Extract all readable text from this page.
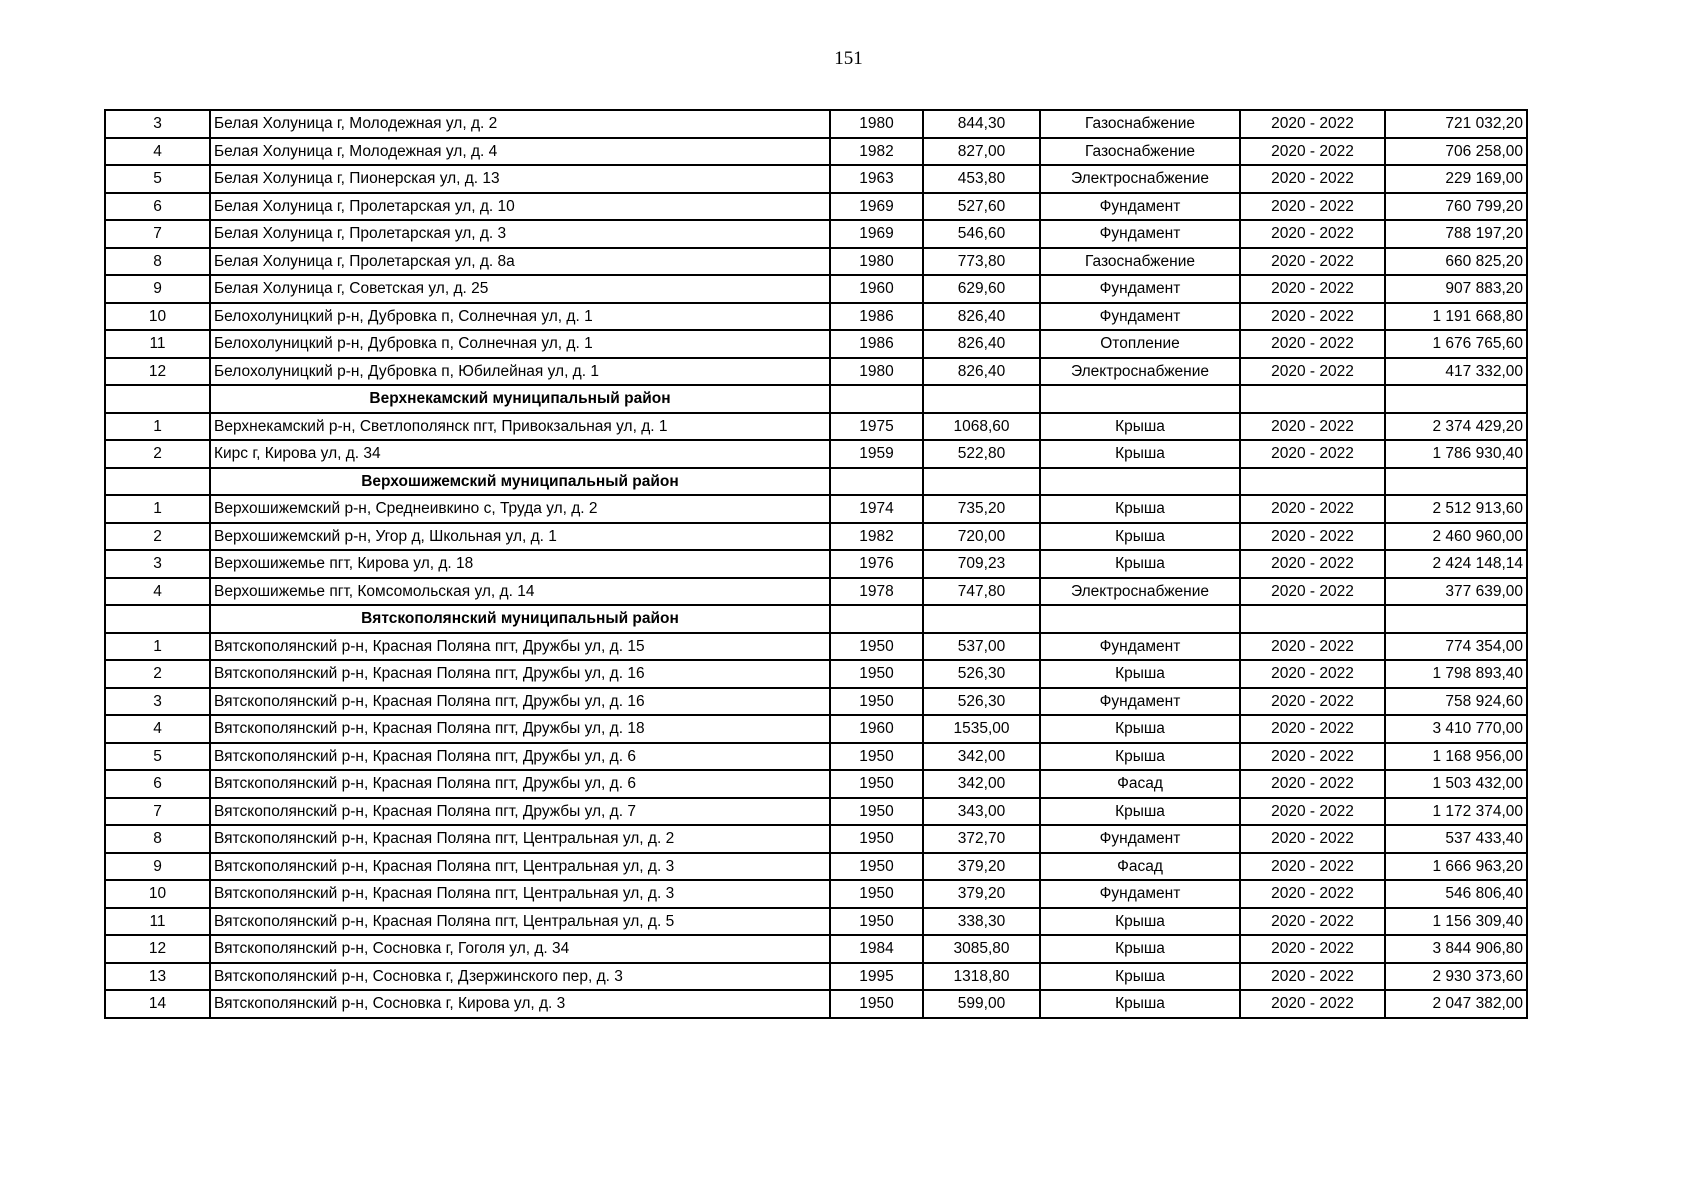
151
3	Белая Холуница г, Молодежная ул, д. 2	1980	844,30	Газоснабжение	2020 - 2022	721 032,20
4	Белая Холуница г, Молодежная ул, д. 4	1982	827,00	Газоснабжение	2020 - 2022	706 258,00
5	Белая Холуница г, Пионерская ул, д. 13	1963	453,80	Электроснабжение	2020 - 2022	229 169,00
6	Белая Холуница г, Пролетарская ул, д. 10	1969	527,60	Фундамент	2020 - 2022	760 799,20
7	Белая Холуница г, Пролетарская ул, д. 3	1969	546,60	Фундамент	2020 - 2022	788 197,20
8	Белая Холуница г, Пролетарская ул, д. 8а	1980	773,80	Газоснабжение	2020 - 2022	660 825,20
9	Белая Холуница г, Советская ул, д. 25	1960	629,60	Фундамент	2020 - 2022	907 883,20
10	Белохолуницкий р-н, Дубровка п, Солнечная ул, д. 1	1986	826,40	Фундамент	2020 - 2022	1 191 668,80
11	Белохолуницкий р-н, Дубровка п, Солнечная ул, д. 1	1986	826,40	Отопление	2020 - 2022	1 676 765,60
12	Белохолуницкий р-н, Дубровка п, Юбилейная ул, д. 1	1980	826,40	Электроснабжение	2020 - 2022	417 332,00
	Верхнекамский муниципальный район					
1	Верхнекамский р-н, Светлополянск пгт, Привокзальная ул, д. 1	1975	1068,60	Крыша	2020 - 2022	2 374 429,20
2	Кирс г, Кирова ул, д. 34	1959	522,80	Крыша	2020 - 2022	1 786 930,40
	Верхошижемский муниципальный район					
1	Верхошижемский р-н, Среднеивкино с, Труда ул, д. 2	1974	735,20	Крыша	2020 - 2022	2 512 913,60
2	Верхошижемский р-н, Угор д, Школьная ул, д. 1	1982	720,00	Крыша	2020 - 2022	2 460 960,00
3	Верхошижемье пгт, Кирова ул, д. 18	1976	709,23	Крыша	2020 - 2022	2 424 148,14
4	Верхошижемье пгт, Комсомольская ул, д. 14	1978	747,80	Электроснабжение	2020 - 2022	377 639,00
	Вятскополянский муниципальный район					
1	Вятскополянский р-н, Красная Поляна пгт, Дружбы ул, д. 15	1950	537,00	Фундамент	2020 - 2022	774 354,00
2	Вятскополянский р-н, Красная Поляна пгт, Дружбы ул, д. 16	1950	526,30	Крыша	2020 - 2022	1 798 893,40
3	Вятскополянский р-н, Красная Поляна пгт, Дружбы ул, д. 16	1950	526,30	Фундамент	2020 - 2022	758 924,60
4	Вятскополянский р-н, Красная Поляна пгт, Дружбы ул, д. 18	1960	1535,00	Крыша	2020 - 2022	3 410 770,00
5	Вятскополянский р-н, Красная Поляна пгт, Дружбы ул, д. 6	1950	342,00	Крыша	2020 - 2022	1 168 956,00
6	Вятскополянский р-н, Красная Поляна пгт, Дружбы ул, д. 6	1950	342,00	Фасад	2020 - 2022	1 503 432,00
7	Вятскополянский р-н, Красная Поляна пгт, Дружбы ул, д. 7	1950	343,00	Крыша	2020 - 2022	1 172 374,00
8	Вятскополянский р-н, Красная Поляна пгт, Центральная ул, д. 2	1950	372,70	Фундамент	2020 - 2022	537 433,40
9	Вятскополянский р-н, Красная Поляна пгт, Центральная ул, д. 3	1950	379,20	Фасад	2020 - 2022	1 666 963,20
10	Вятскополянский р-н, Красная Поляна пгт, Центральная ул, д. 3	1950	379,20	Фундамент	2020 - 2022	546 806,40
11	Вятскополянский р-н, Красная Поляна пгт, Центральная ул, д. 5	1950	338,30	Крыша	2020 - 2022	1 156 309,40
12	Вятскополянский р-н, Сосновка г, Гоголя ул, д. 34	1984	3085,80	Крыша	2020 - 2022	3 844 906,80
13	Вятскополянский р-н, Сосновка г, Дзержинского пер, д. 3	1995	1318,80	Крыша	2020 - 2022	2 930 373,60
14	Вятскополянский р-н, Сосновка г, Кирова ул, д. 3	1950	599,00	Крыша	2020 - 2022	2 047 382,00
